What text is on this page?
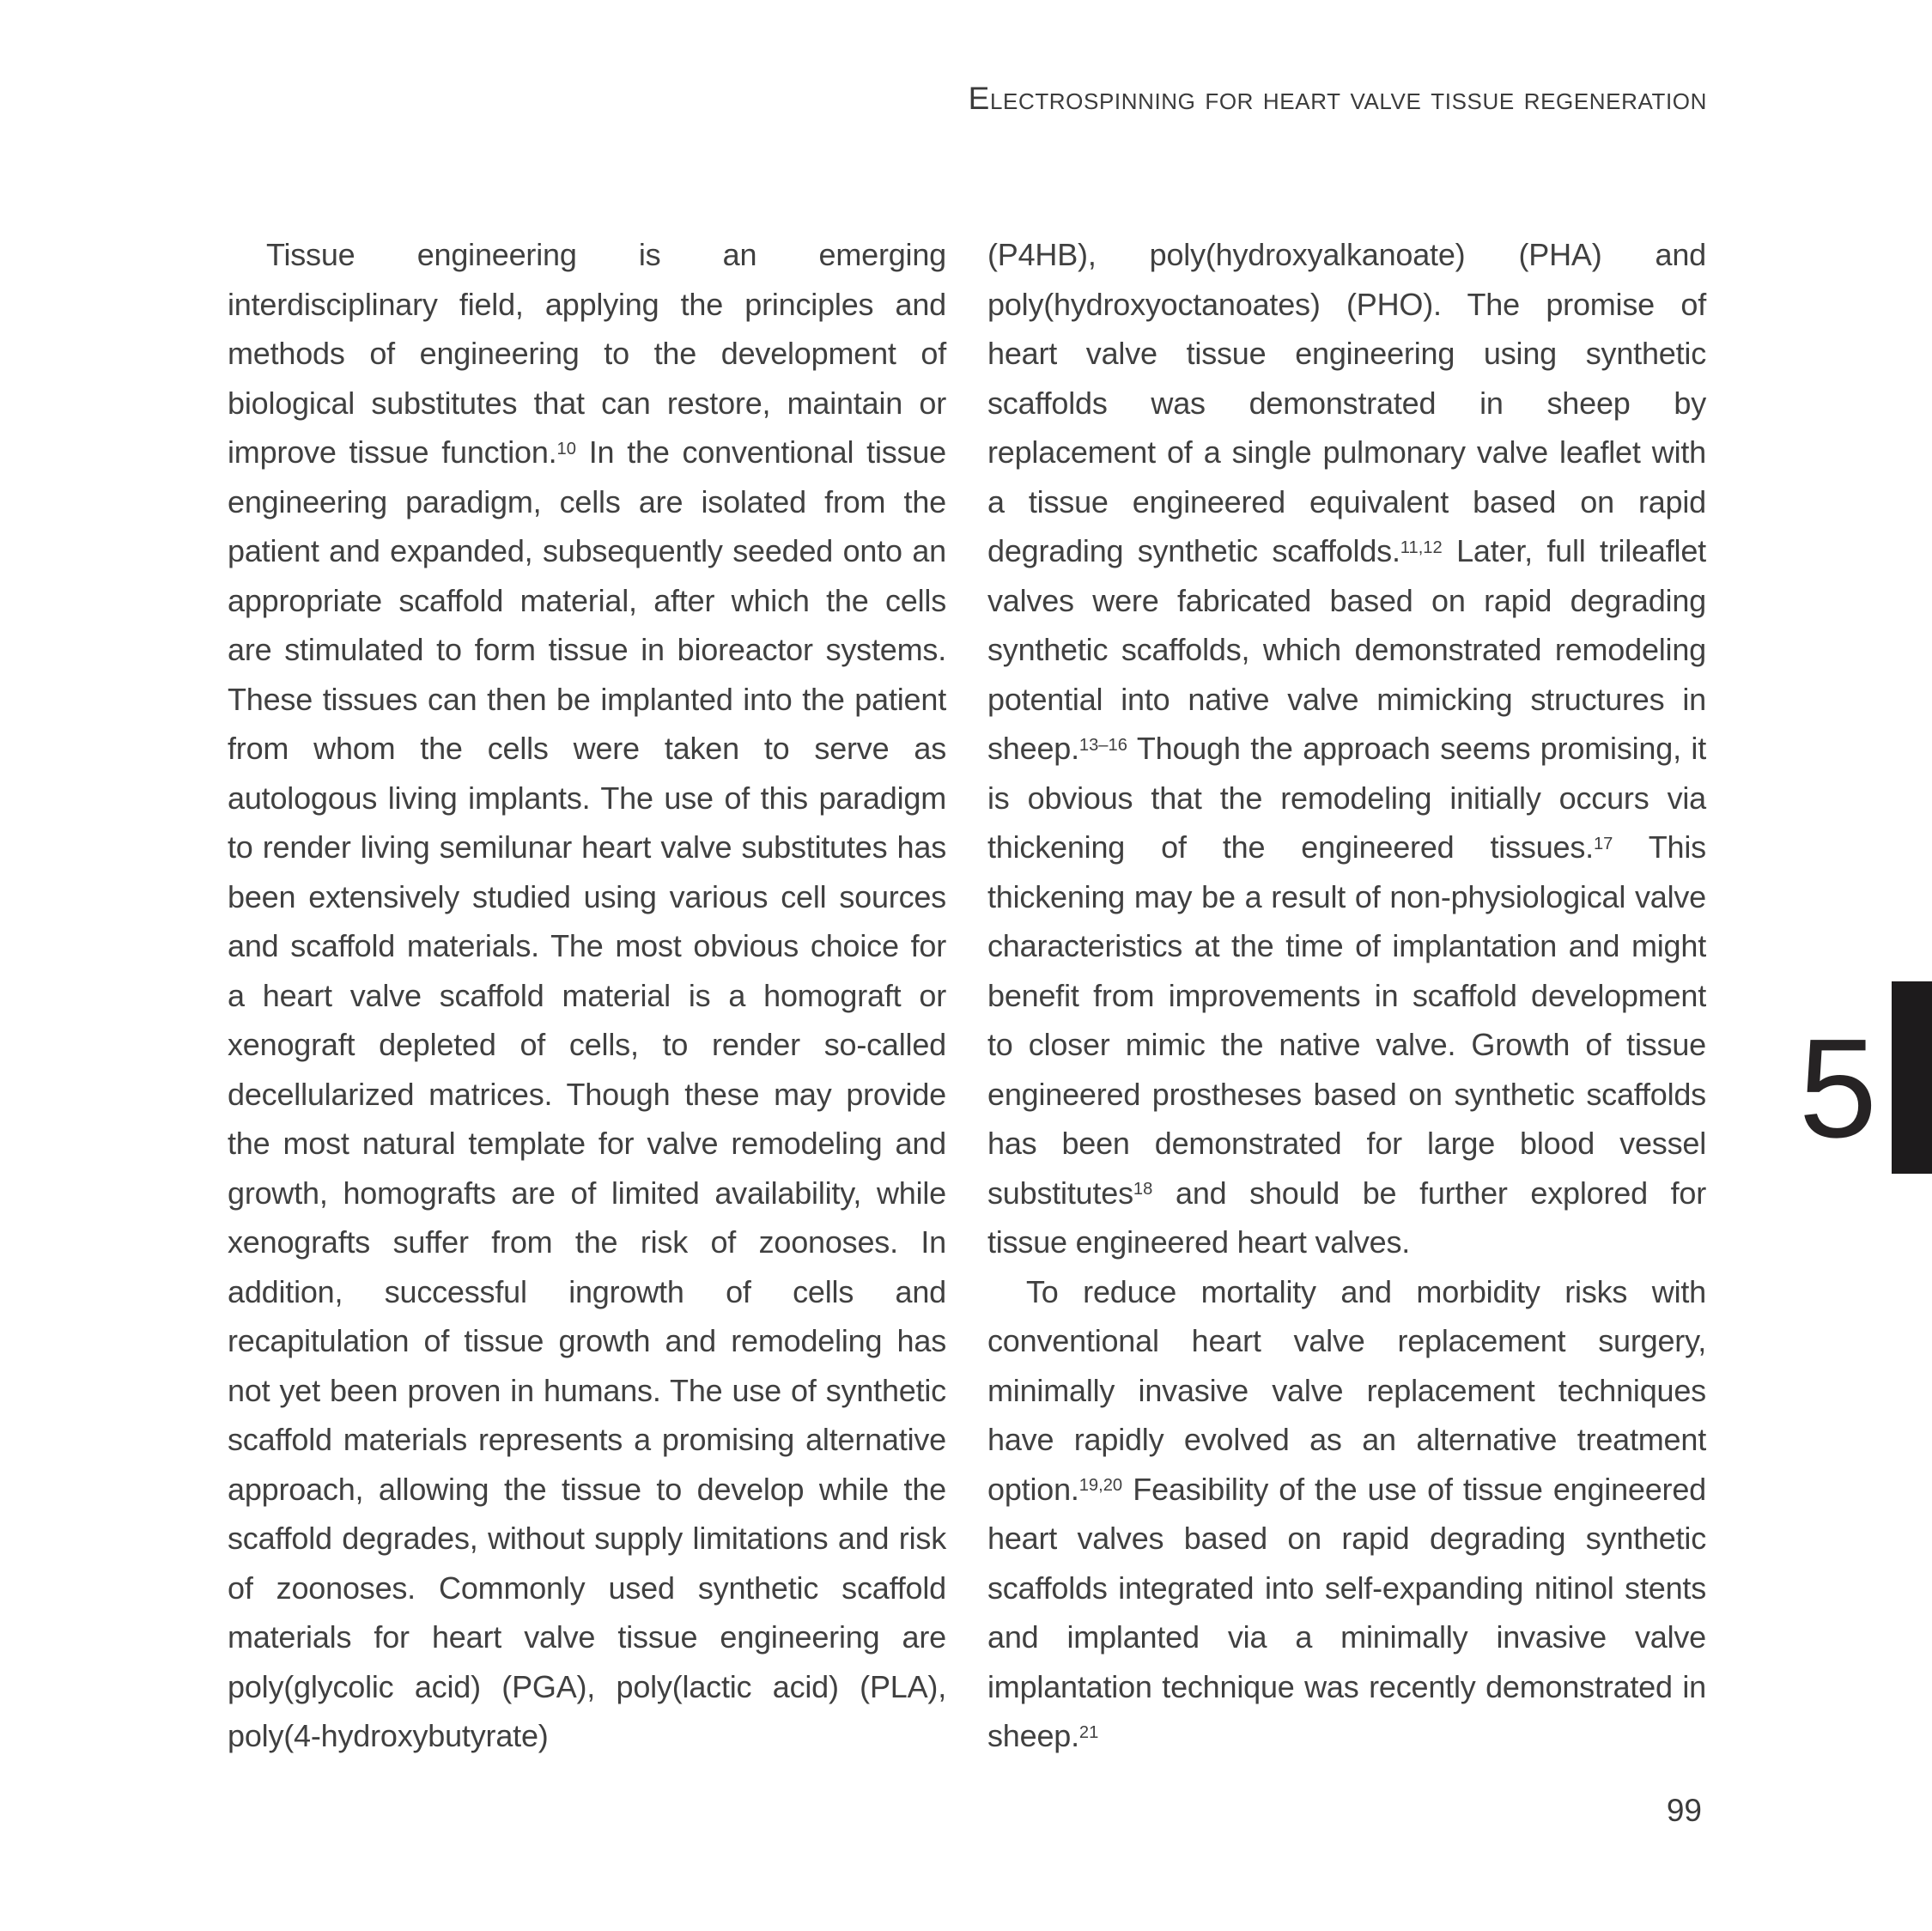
Electrospinning for heart valve tissue regeneration

Tissue engineering is an emerging interdisciplinary field, applying the principles and methods of engineering to the development of biological substitutes that can restore, maintain or improve tissue function.$^{10}$ In the conventional tissue engineering paradigm, cells are isolated from the patient and expanded, subsequently seeded onto an appropriate scaffold material, after which the cells are stimulated to form tissue in bioreactor systems. These tissues can then be implanted into the patient from whom the cells were taken to serve as autologous living implants. The use of this paradigm to render living semilunar heart valve substitutes has been extensively studied using various cell sources and scaffold materials. The most obvious choice for a heart valve scaffold material is a homograft or xenograft depleted of cells, to render so-called decellularized matrices. Though these may provide the most natural template for valve remodeling and growth, homografts are of limited availability, while xenografts suffer from the risk of zoonoses. In addition, successful ingrowth of cells and recapitulation of tissue growth and remodeling has not yet been proven in humans. The use of synthetic scaffold materials represents a promising alternative approach, allowing the tissue to develop while the scaffold degrades, without supply limitations and risk of zoonoses. Commonly used synthetic scaffold materials for heart valve tissue engineering are poly(glycolic acid) (PGA), poly(lactic acid) (PLA), poly(4-hydroxybutyrate)

(P4HB), poly(hydroxyalkanoate) (PHA) and poly(hydroxyoctanoates) (PHO). The promise of heart valve tissue engineering using synthetic scaffolds was demonstrated in sheep by replacement of a single pulmonary valve leaflet with a tissue engineered equivalent based on rapid degrading synthetic scaffolds.$^{11,12}$ Later, full trileaflet valves were fabricated based on rapid degrading synthetic scaffolds, which demonstrated remodeling potential into native valve mimicking structures in sheep.$^{13-16}$ Though the approach seems promising, it is obvious that the remodeling initially occurs via thickening of the engineered tissues.$^{17}$ This thickening may be a result of non-physiological valve characteristics at the time of implantation and might benefit from improvements in scaffold development to closer mimic the native valve. Growth of tissue engineered prostheses based on synthetic scaffolds has been demonstrated for large blood vessel substitutes$^{18}$ and should be further explored for tissue engineered heart valves.

To reduce mortality and morbidity risks with conventional heart valve replacement surgery, minimally invasive valve replacement techniques have rapidly evolved as an alternative treatment option.$^{19,20}$ Feasibility of the use of tissue engineered heart valves based on rapid degrading synthetic scaffolds integrated into self-expanding nitinol stents and implanted via a minimally invasive valve implantation technique was recently demonstrated in sheep.$^{21}$

5
99
